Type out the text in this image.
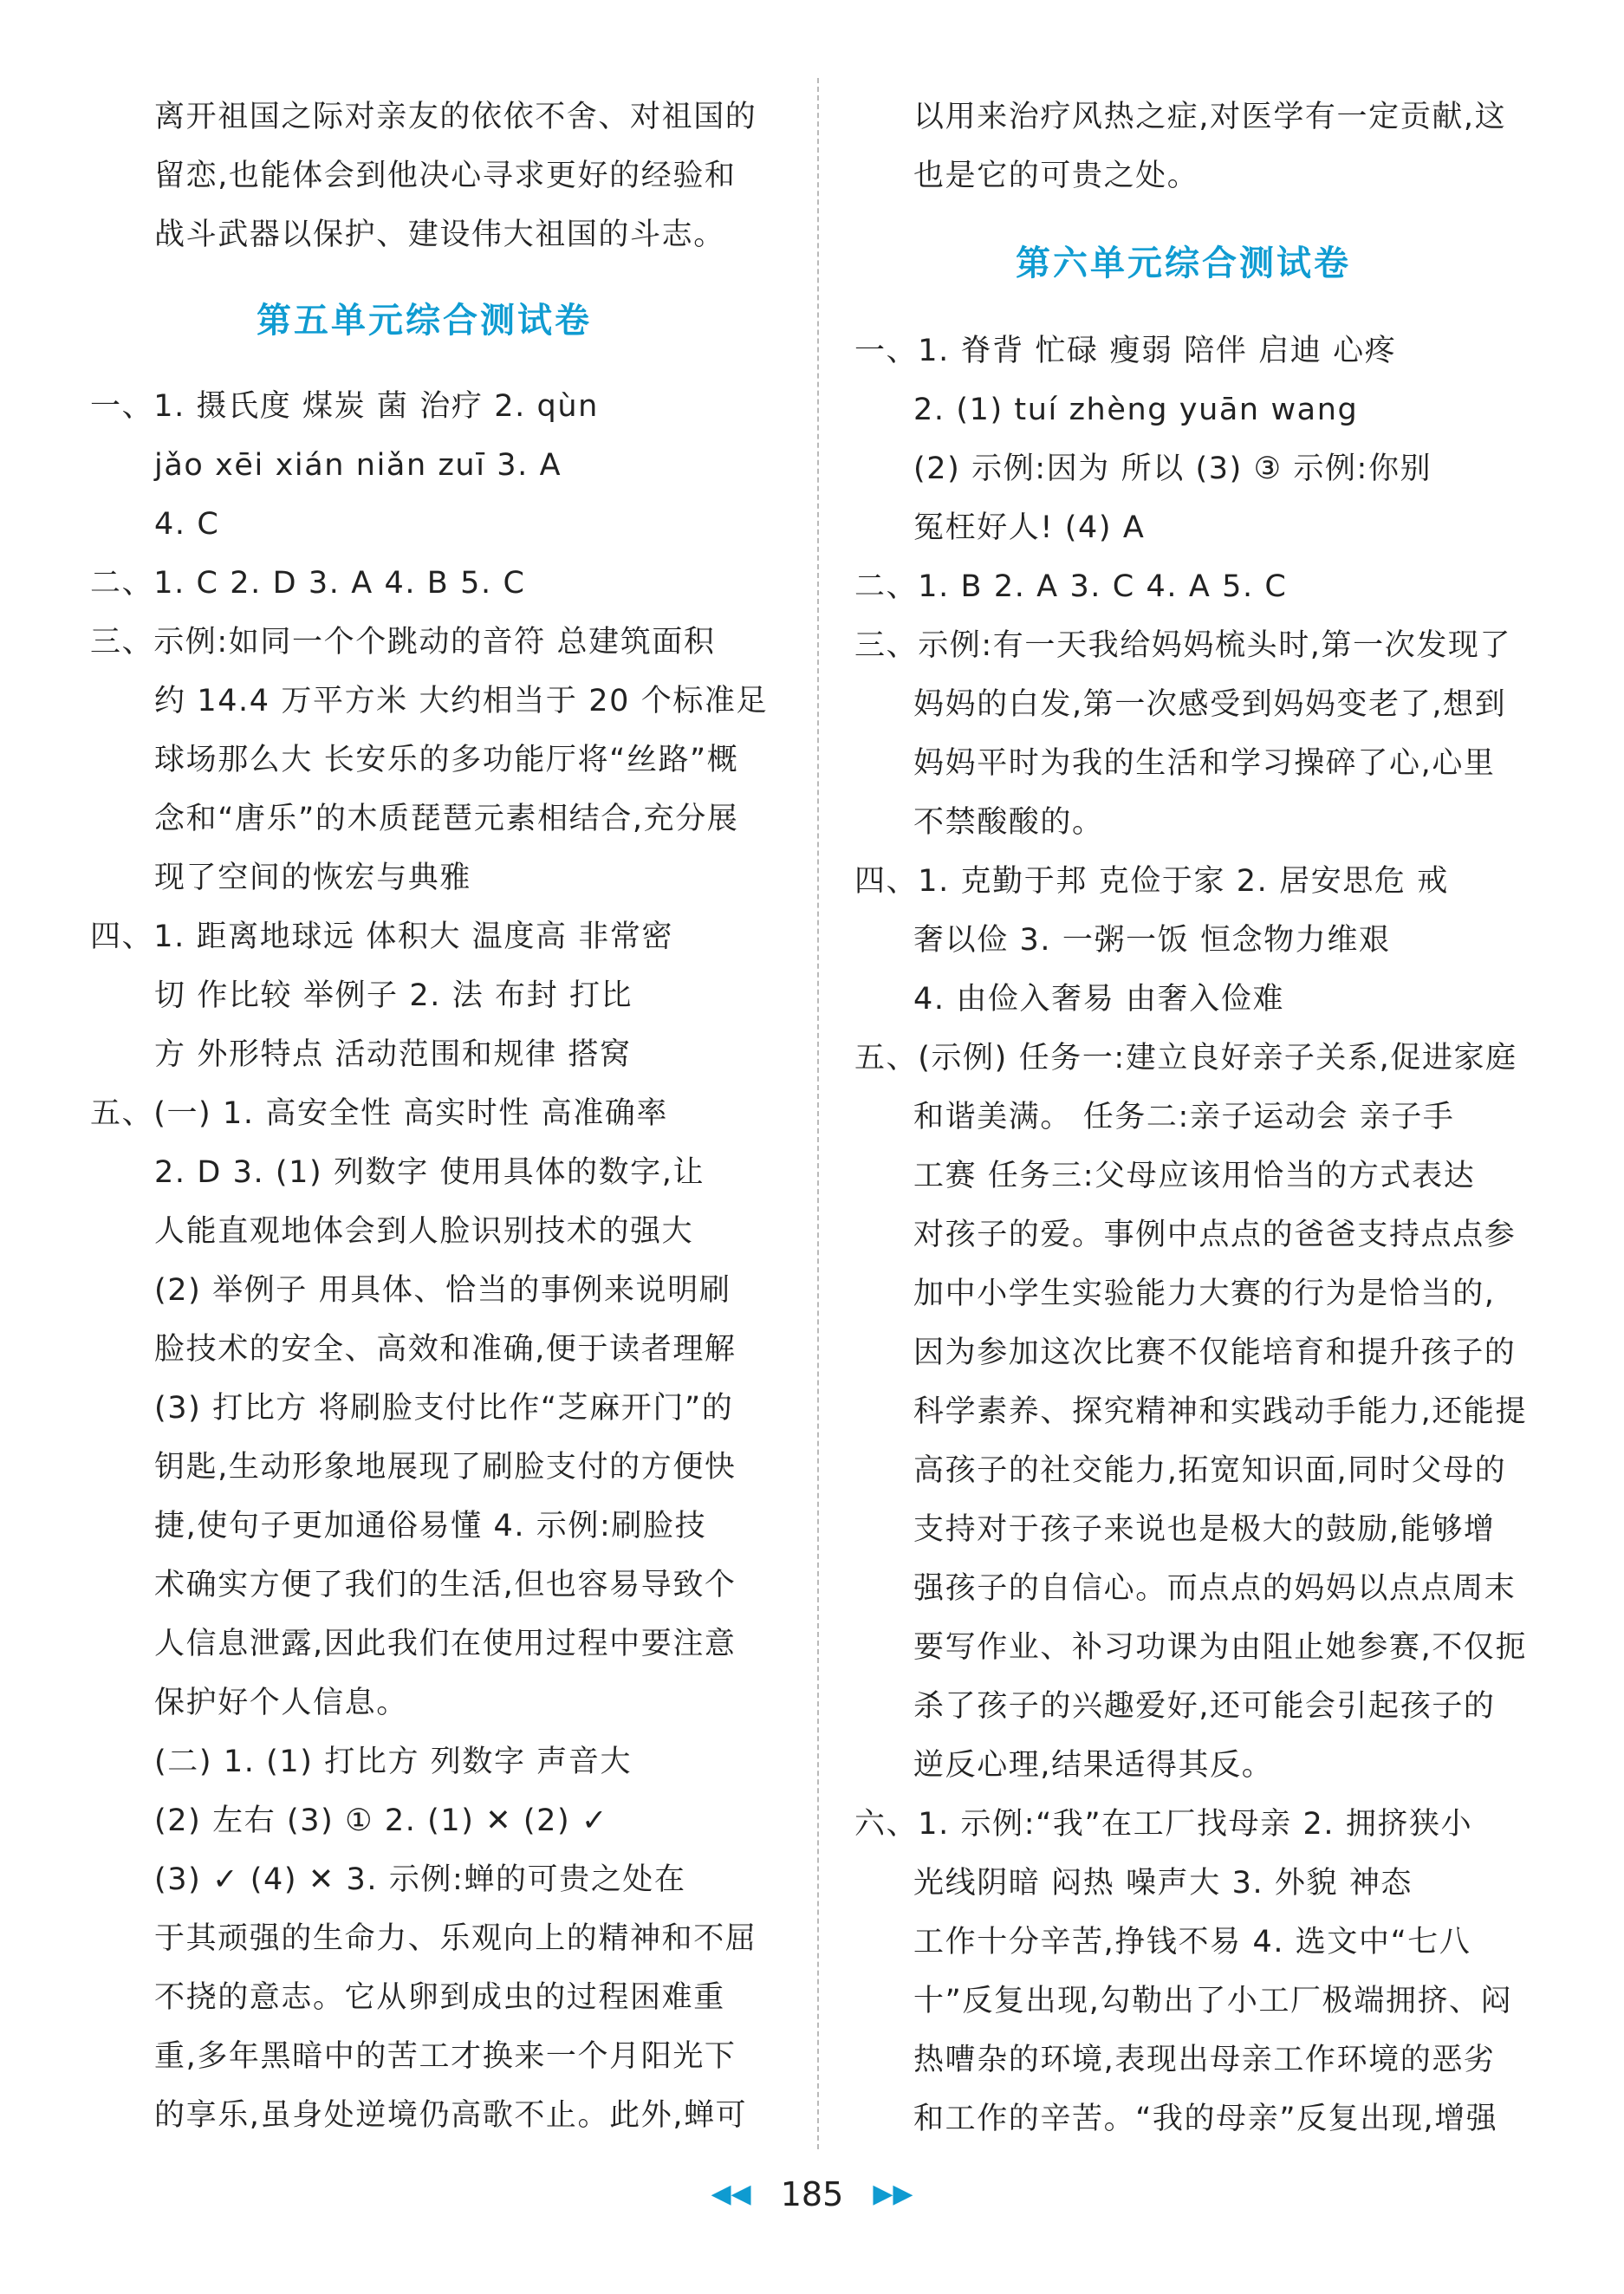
离开祖国之际对亲友的依依不舍、对祖国的
留恋,也能体会到他决心寻求更好的经验和
战斗武器以保护、建设伟大祖国的斗志。
第五单元综合测试卷
一、1. 摄氏度 煤炭 菌 治疗 2. qùn
jǎo xēi xián niǎn zuī 3. A
4. C
二、1. C 2. D 3. A 4. B 5. C
三、示例:如同一个个跳动的音符 总建筑面积
约 14.4 万平方米 大约相当于 20 个标准足
球场那么大 长安乐的多功能厅将“丝路”概
念和“唐乐”的木质琵琶元素相结合,充分展
现了空间的恢宏与典雅
四、1. 距离地球远 体积大 温度高 非常密
切 作比较 举例子 2. 法 布封 打比
方 外形特点 活动范围和规律 搭窝
五、(一) 1. 高安全性 高实时性 高准确率
2. D 3. (1) 列数字 使用具体的数字,让
人能直观地体会到人脸识别技术的强大
(2) 举例子 用具体、恰当的事例来说明刷
脸技术的安全、高效和准确,便于读者理解
(3) 打比方 将刷脸支付比作“芝麻开门”的
钥匙,生动形象地展现了刷脸支付的方便快
捷,使句子更加通俗易懂 4. 示例:刷脸技
术确实方便了我们的生活,但也容易导致个
人信息泄露,因此我们在使用过程中要注意
保护好个人信息。
(二) 1. (1) 打比方 列数字 声音大
(2) 左右 (3) ① 2. (1) ✕ (2) ✓
(3) ✓ (4) ✕ 3. 示例:蝉的可贵之处在
于其顽强的生命力、乐观向上的精神和不屈
不挠的意志。它从卵到成虫的过程困难重
重,多年黑暗中的苦工才换来一个月阳光下
的享乐,虽身处逆境仍高歌不止。此外,蝉可
以用来治疗风热之症,对医学有一定贡献,这
也是它的可贵之处。
第六单元综合测试卷
一、1. 脊背 忙碌 瘦弱 陪伴 启迪 心疼
2. (1) tuí zhèng yuān wang
(2) 示例:因为 所以 (3) ③ 示例:你别
冤枉好人! (4) A
二、1. B 2. A 3. C 4. A 5. C
三、示例:有一天我给妈妈梳头时,第一次发现了
妈妈的白发,第一次感受到妈妈变老了,想到
妈妈平时为我的生活和学习操碎了心,心里
不禁酸酸的。
四、1. 克勤于邦 克俭于家 2. 居安思危 戒
奢以俭 3. 一粥一饭 恒念物力维艰
4. 由俭入奢易 由奢入俭难
五、(示例) 任务一:建立良好亲子关系,促进家庭
和谐美满。 任务二:亲子运动会 亲子手
工赛 任务三:父母应该用恰当的方式表达
对孩子的爱。事例中点点的爸爸支持点点参
加中小学生实验能力大赛的行为是恰当的,
因为参加这次比赛不仅能培育和提升孩子的
科学素养、探究精神和实践动手能力,还能提
高孩子的社交能力,拓宽知识面,同时父母的
支持对于孩子来说也是极大的鼓励,能够增
强孩子的自信心。而点点的妈妈以点点周末
要写作业、补习功课为由阻止她参赛,不仅扼
杀了孩子的兴趣爱好,还可能会引起孩子的
逆反心理,结果适得其反。
六、1. 示例:“我”在工厂找母亲 2. 拥挤狭小
光线阴暗 闷热 噪声大 3. 外貌 神态
工作十分辛苦,挣钱不易 4. 选文中“七八
十”反复出现,勾勒出了小工厂极端拥挤、闷
热嘈杂的环境,表现出母亲工作环境的恶劣
和工作的辛苦。“我的母亲”反复出现,增强
◀◀ 185 ▶▶
